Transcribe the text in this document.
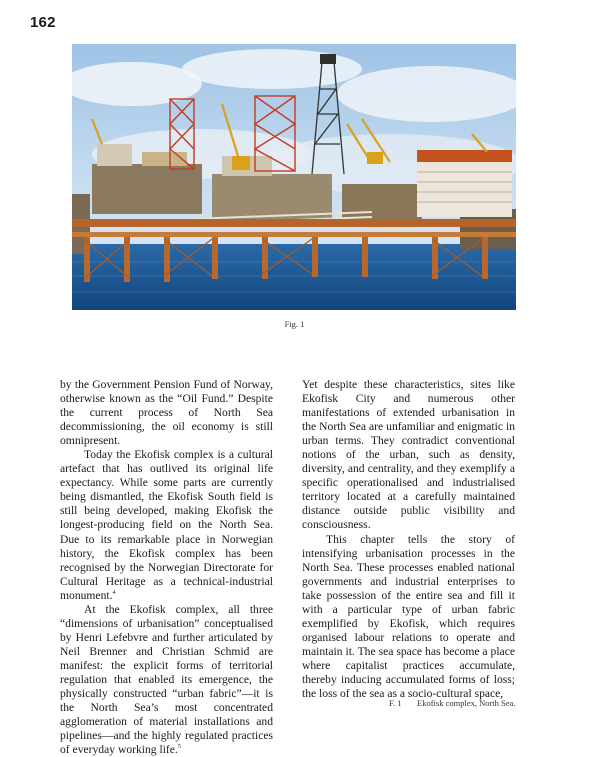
162
Fig. 1

by the Government Pension Fund of Norway, otherwise known as the “Oil Fund.” Despite the current process of North Sea decommissioning, the oil economy is still omnipresent.

Today the Ekofisk complex is a cultural artefact that has outlived its original life expectancy. While some parts are currently being dismantled, the Ekofisk South field is still being developed, making Ekofisk the longest-producing field on the North Sea. Due to its remarkable place in Norwegian history, the Ekofisk complex has been recognised by the Norwegian Directorate for Cultural Heritage as a technical-industrial monument.$^4$

At the Ekofisk complex, all three “dimensions of urbanisation” conceptualised by Henri Lefebvre and further articulated by Neil Brenner and Christian Schmid are manifest: the explicit forms of territorial regulation that enabled its emergence, the physically constructed “urban fabric”—it is the North Sea’s most concentrated agglomeration of material installations and pipelines—and the highly regulated practices of everyday working life.$^5$

Yet despite these characteristics, sites like Ekofisk City and numerous other manifestations of extended urbanisation in the North Sea are unfamiliar and enigmatic in urban terms. They contradict conventional notions of the urban, such as density, diversity, and centrality, and they exemplify a specific operationalised and industrialised territory located at a carefully maintained distance outside public visibility and consciousness.

This chapter tells the story of intensifying urbanisation processes in the North Sea. These processes enabled national governments and industrial enterprises to take possession of the entire sea and fill it with a particular type of urban fabric exemplified by Ekofisk, which requires organised labour relations to operate and maintain it. The sea space has become a place where capitalist practices accumulate, thereby inducing accumulated forms of loss; the loss of the sea as a socio-cultural space,

F. 1 Ekofisk complex, North Sea.
